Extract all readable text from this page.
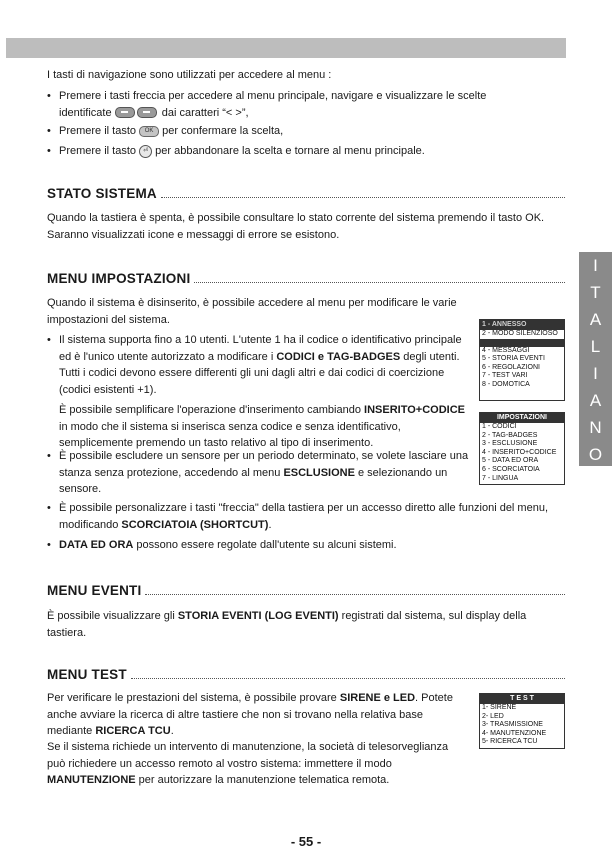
I tasti di navigazione sono utilizzati per accedere al menu :

• Premere i tasti freccia per accedere al menu principale, navigare e visualizzare le scelte
identificate	dai caratteri “< >”,
• Premere il tasto OK per confermare la scelta,
• Premere il tasto ⏎ per abbandonare la scelta e tornare al menu principale.
STATO SISTEMA

Quando la tastiera è spenta, è possibile consultare lo stato corrente del sistema premendo il tasto OK. Saranno visualizzati icone e messaggi di errore se esistono.

MENU IMPOSTAZIONI

Quando il sistema è disinserito, è possibile accedere al menu per modificare le varie impostazioni del sistema.

• Il sistema supporta fino a 10 utenti. L'utente 1 ha il codice o identificativo principale ed è l'unico utente autorizzato a modificare i CODICI e TAG-BADGES degli utenti. Tutti i codici devono essere differenti gli uni dagli altri e dai codici di coercizione (codici esistenti +1).
È possibile semplificare l'operazione d'inserimento cambiando INSERITO+CODICE in modo che il sistema si inserisca senza codice e senza identificativo, semplicemente premendo un tasto relativo al tipo di inserimento.
• È possibile escludere un sensore per un periodo determinato, se volete lasciare una stanza senza protezione, accedendo al menu ESCLUSIONE e selezionando un sensore.
• È possibile personalizzare i tasti "freccia" della tastiera per un accesso diretto alle funzioni del menu, modificando SCORCIATOIA (SHORTCUT).
• DATA ED ORA possono essere regolate dall'utente su alcuni sistemi.
1 - ANNESSO
2 - MODO SILENZIOSO
4 - MESSAGGI
5 - STORIA EVENTI
6 - REGOLAZIONI
7 - TEST VARI
8 - DOMOTICA
IMPOSTAZIONI
1 - CODICI
2 - TAG-BADGES
3 - ESCLUSIONE
4 - INSERITO+CODICE
5 - DATA ED ORA
6 - SCORCIATOIA
7 - LINGUA
MENU EVENTI

È possibile visualizzare gli STORIA EVENTI (LOG EVENTI) registrati dal sistema, sul display della tastiera.

MENU TEST

Per verificare le prestazioni del sistema, è possibile provare SIRENE e LED. Potete anche avviare la ricerca di altre tastiere che non si trovano nella relativa base mediante RICERCA TCU.

Se il sistema richiede un intervento di manutenzione, la società di telesorveglianza può richiedere un accesso remoto al vostro sistema: immettere il modo MANUTENZIONE per autorizzare la manutenzione telematica remota.

T E S T
1- SIRENE
2- LED
3- TRASMISSIONE
4- MANUTENZIONE
5- RICERCA TCU
I
T
A
L
I
A
N
O
- 55 -
